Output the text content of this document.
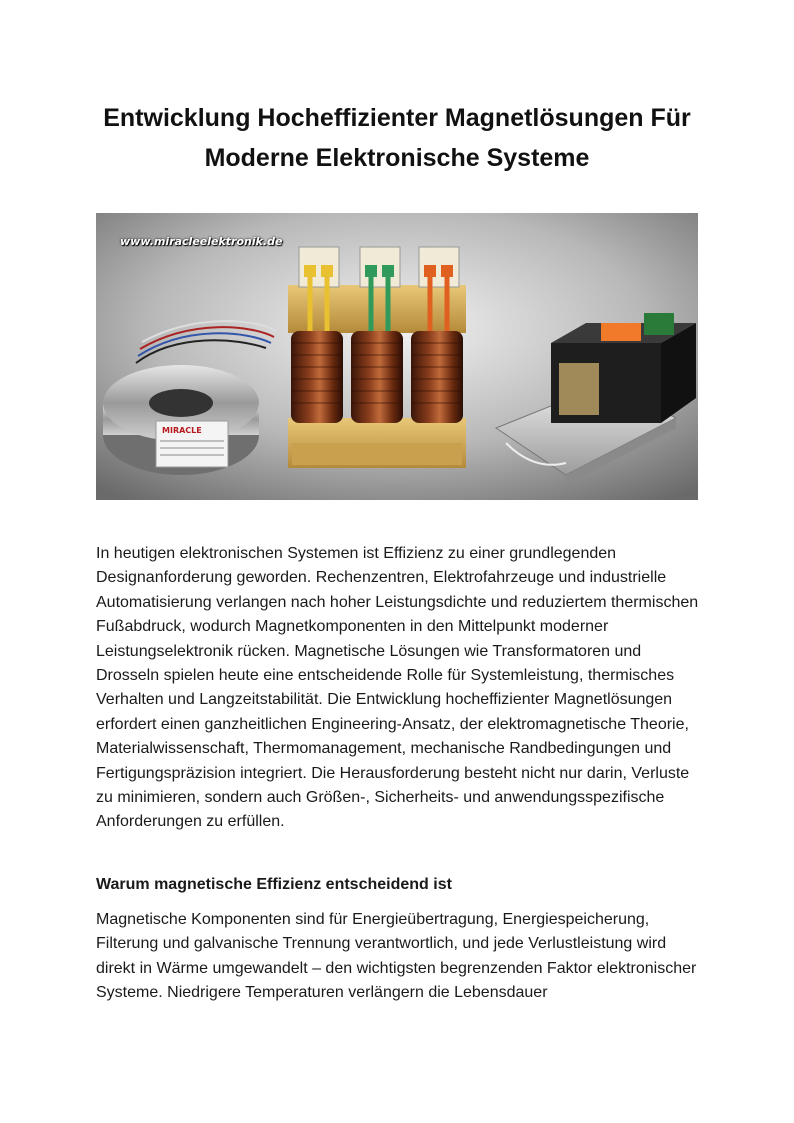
Entwicklung Hocheffizienter Magnetlösungen Für Moderne Elektronische Systeme
MIRACLE
www.miracleelektronik.de

In heutigen elektronischen Systemen ist Effizienz zu einer grundlegenden Designanforderung geworden. Rechenzentren, Elektrofahrzeuge und industrielle Automatisierung verlangen nach hoher Leistungsdichte und reduziertem thermischen Fußabdruck, wodurch Magnetkomponenten in den Mittelpunkt moderner Leistungselektronik rücken. Magnetische Lösungen wie Transformatoren und Drosseln spielen heute eine entscheidende Rolle für Systemleistung, thermisches Verhalten und Langzeitstabilität. Die Entwicklung hocheffizienter Magnetlösungen erfordert einen ganzheitlichen Engineering-Ansatz, der elektromagnetische Theorie, Materialwissenschaft, Thermomanagement, mechanische Randbedingungen und Fertigungspräzision integriert. Die Herausforderung besteht nicht nur darin, Verluste zu minimieren, sondern auch Größen-, Sicherheits- und anwendungsspezifische Anforderungen zu erfüllen.

Warum magnetische Effizienz entscheidend ist

Magnetische Komponenten sind für Energieübertragung, Energiespeicherung, Filterung und galvanische Trennung verantwortlich, und jede Verlustleistung wird direkt in Wärme umgewandelt – den wichtigsten begrenzenden Faktor elektronischer Systeme. Niedrigere Temperaturen verlängern die Lebensdauer
